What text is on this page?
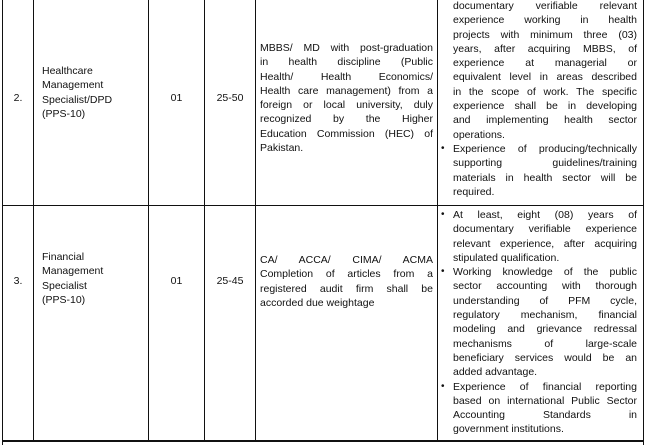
2.
Healthcare
Management
Specialist/DPD
(PPS-10)
01	25-50
MBBS/ MD with post-graduation
in health discipline (Public
Health/ Health Economics/
Health care management) from a
foreign or local university, duly
recognized by the Higher
Education Commission (HEC) of
Pakistan.
documentary verifiable relevant
experience working in health
projects with minimum three (03)
years, after acquiring MBBS, of
experience at managerial or
equivalent level in areas described
in the scope of work. The specific
experience shall be in developing
and implementing health sector
operations.
• Experience of producing/technically
supporting guidelines/training
materials in health sector will be
required.
3.
Financial
Management
Specialist
(PPS-10)
01	25-45
CA/ ACCA/ CIMA/ ACMA
Completion of articles from a
registered audit firm shall be
accorded due weightage
• At least, eight (08) years of
documentary verifiable experience
relevant experience, after acquiring
stipulated qualification.
• Working knowledge of the public
sector accounting with thorough
understanding of PFM cycle,
regulatory mechanism, financial
modeling and grievance redressal
mechanisms of large-scale
beneficiary services would be an
added advantage.
• Experience of financial reporting
based on international Public Sector
Accounting Standards in
government institutions.
